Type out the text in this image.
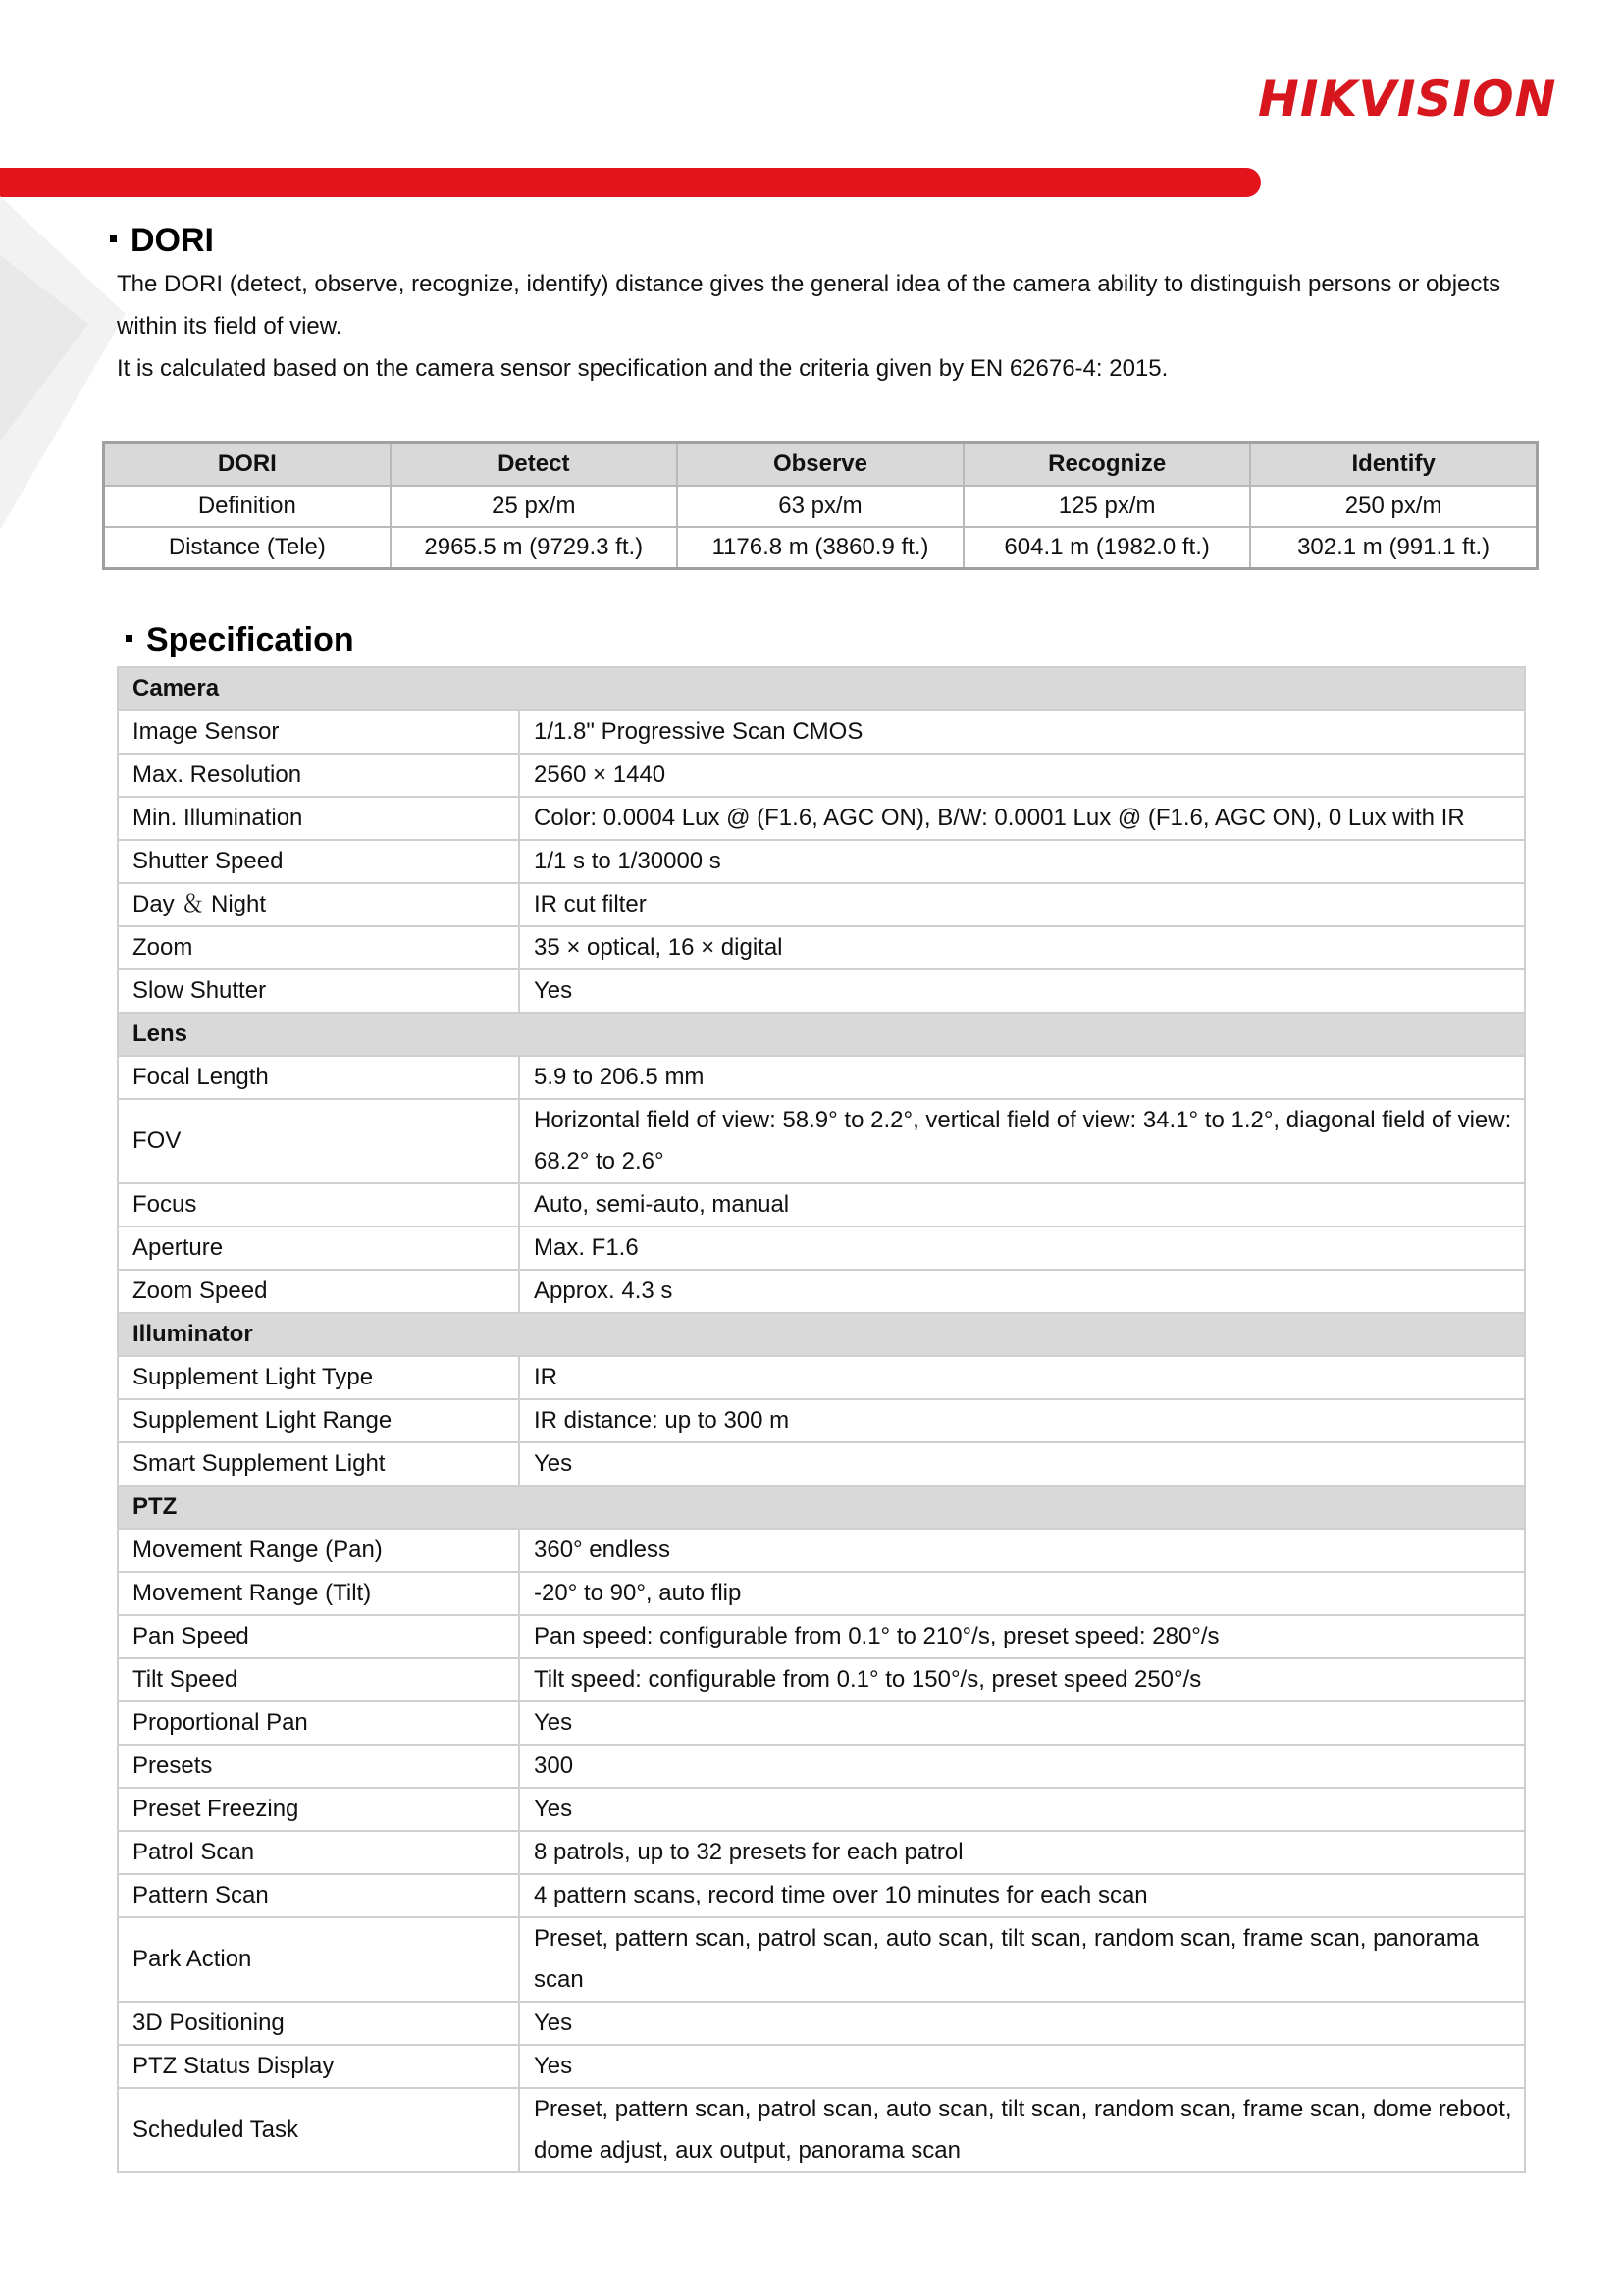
HIKVISION
DORI
The DORI (detect, observe, recognize, identify) distance gives the general idea of the camera ability to distinguish persons or objects within its field of view.
It is calculated based on the camera sensor specification and the criteria given by EN 62676-4: 2015.
DORI	Detect	Observe	Recognize	Identify
Definition	25 px/m	63 px/m	125 px/m	250 px/m
Distance (Tele)	2965.5 m (9729.3 ft.)	1176.8 m (3860.9 ft.)	604.1 m (1982.0 ft.)	302.1 m (991.1 ft.)
Specification
Camera	
Image Sensor	1/1.8" Progressive Scan CMOS
Max. Resolution	2560 × 1440
Min. Illumination	Color: 0.0004 Lux @ (F1.6, AGC ON), B/W: 0.0001 Lux @ (F1.6, AGC ON), 0 Lux with IR
Shutter Speed	1/1 s to 1/30000 s
Day ＆ Night	IR cut filter
Zoom	35 × optical, 16 × digital
Slow Shutter	Yes
Lens	
Focal Length	5.9 to 206.5 mm
FOV	Horizontal field of view: 58.9° to 2.2°, vertical field of view: 34.1° to 1.2°, diagonal field of view: 68.2° to 2.6°
Focus	Auto, semi-auto, manual
Aperture	Max. F1.6
Zoom Speed	Approx. 4.3 s
Illuminator	
Supplement Light Type	IR
Supplement Light Range	IR distance: up to 300 m
Smart Supplement Light	Yes
PTZ	
Movement Range (Pan)	360° endless
Movement Range (Tilt)	-20° to 90°, auto flip
Pan Speed	Pan speed: configurable from 0.1° to 210°/s, preset speed: 280°/s
Tilt Speed	Tilt speed: configurable from 0.1° to 150°/s, preset speed 250°/s
Proportional Pan	Yes
Presets	300
Preset Freezing	Yes
Patrol Scan	8 patrols, up to 32 presets for each patrol
Pattern Scan	4 pattern scans, record time over 10 minutes for each scan
Park Action	Preset, pattern scan, patrol scan, auto scan, tilt scan, random scan, frame scan, panorama scan
3D Positioning	Yes
PTZ Status Display	Yes
Scheduled Task	Preset, pattern scan, patrol scan, auto scan, tilt scan, random scan, frame scan, dome reboot, dome adjust, aux output, panorama scan
